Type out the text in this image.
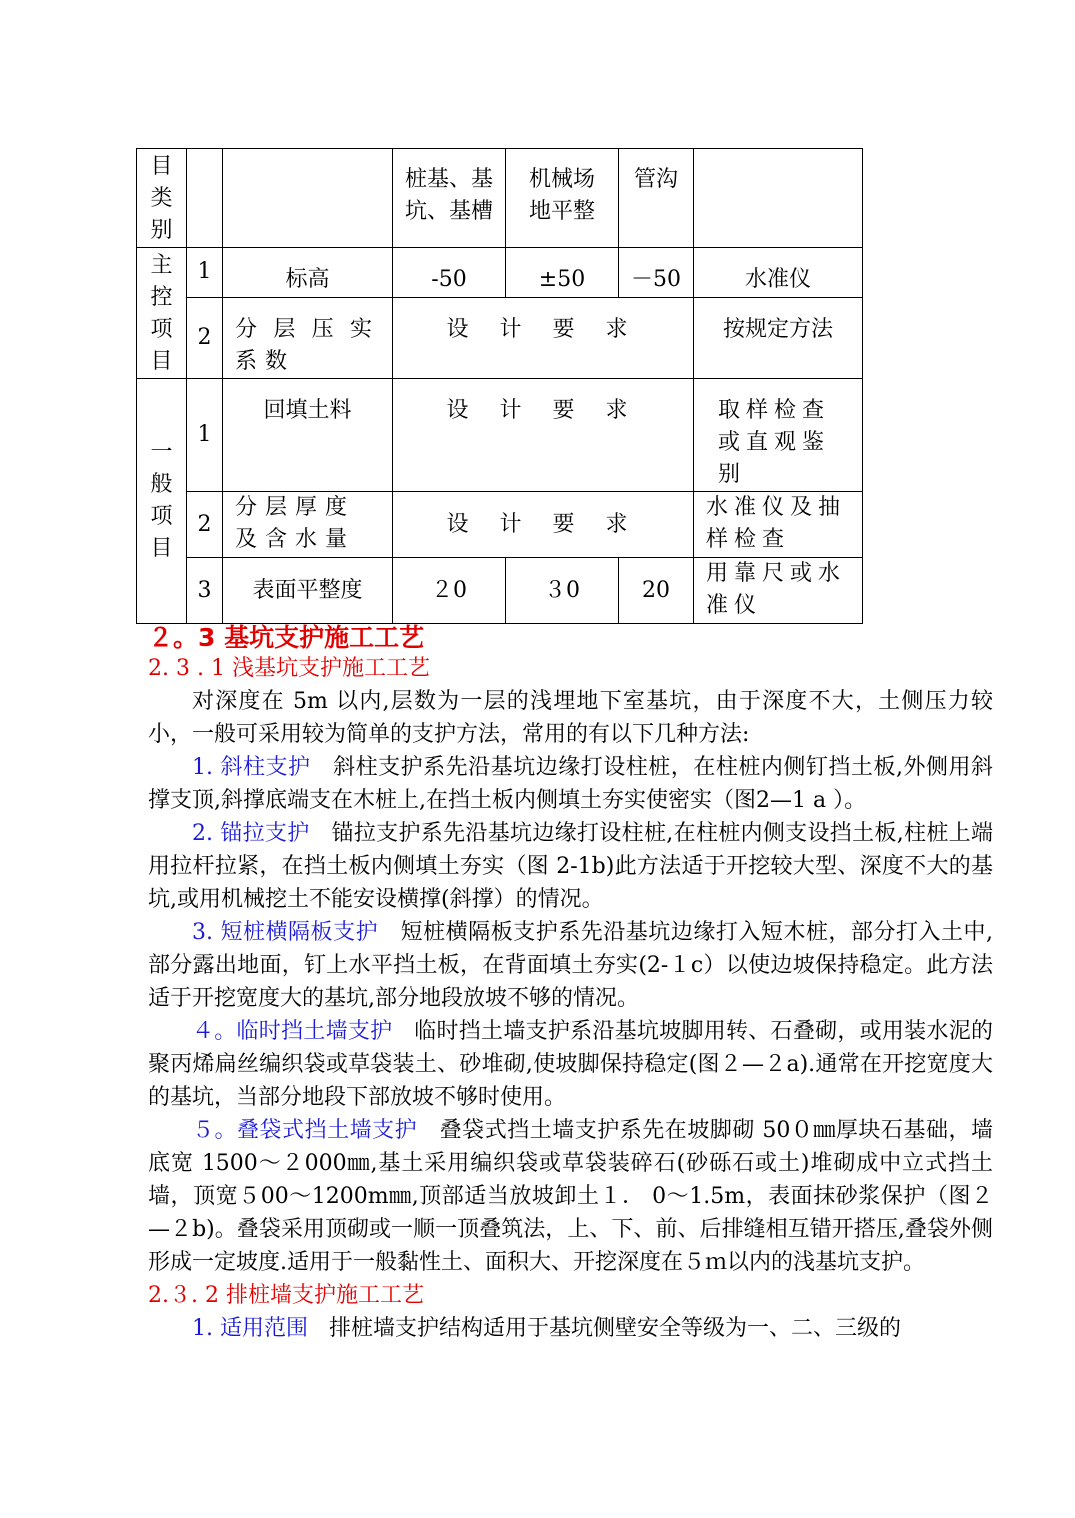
目类别			桩基、基坑、基槽	机械场地平整	管沟	

主控项目	1	标高	-50	±50	－50	水准仪
	2	分层压实系数	设 计 要 求			按规定方法

一般项目	1	回填土料	设 计 要 求			取样检查或直观鉴别

	2	分层厚度及含水量	设 计 要 求			水准仪及抽样检查

	3	表面平整度	２0	３0	20	用靠尺或水准仪
２。3 基坑支护施工工艺
2. 3 . 1 浅基坑支护施工工艺

对深度在 5m 以内,层数为一层的浅埋地下室基坑，由于深度不大，土侧压力较小，一般可采用较为简单的支护方法，常用的有以下几种方法:

1. 斜柱支护 斜柱支护系先沿基坑边缘打设柱桩，在柱桩内侧钉挡土板,外侧用斜撑支顶,斜撑底端支在木桩上,在挡土板内侧填土夯实使密实（图2—1 a ）。

2. 锚拉支护 锚拉支护系先沿基坑边缘打设柱桩,在柱桩内侧支设挡土板,柱桩上端用拉杆拉紧，在挡土板内侧填土夯实（图 2-1b)此方法适于开挖较大型、深度不大的基坑,或用机械挖土不能安设横撑(斜撑）的情况。

3. 短桩横隔板支护 短桩横隔板支护系先沿基坑边缘打入短木桩，部分打入土中,部分露出地面，钉上水平挡土板，在背面填土夯实(2-１c）以使边坡保持稳定。此方法适于开挖宽度大的基坑,部分地段放坡不够的情况。

４。临时挡土墙支护 临时挡土墙支护系沿基坑坡脚用转、石叠砌，或用装水泥的聚丙烯扁丝编织袋或草袋装土、砂堆砌,使坡脚保持稳定(图２—２a).通常在开挖宽度大的基坑，当部分地段下部放坡不够时使用。

５。叠袋式挡土墙支护 叠袋式挡土墙支护系先在坡脚砌 50０㎜厚块石基础，墙底宽 1500～２000㎜,基土采用编织袋或草袋装碎石(砂砾石或土)堆砌成中立式挡土墙，顶宽５00～1200m㎜,顶部适当放坡卸土１． 0～1.5m，表面抹砂浆保护（图２—２b)。叠袋采用顶砌或一顺一顶叠筑法，上、下、前、后排缝相互错开搭压,叠袋外侧形成一定坡度.适用于一般黏性土、面积大、开挖深度在５ｍ以内的浅基坑支护。

2.３. 2 排桩墙支护施工工艺

1. 适用范围 排桩墙支护结构适用于基坑侧壁安全等级为一、二、三级的
